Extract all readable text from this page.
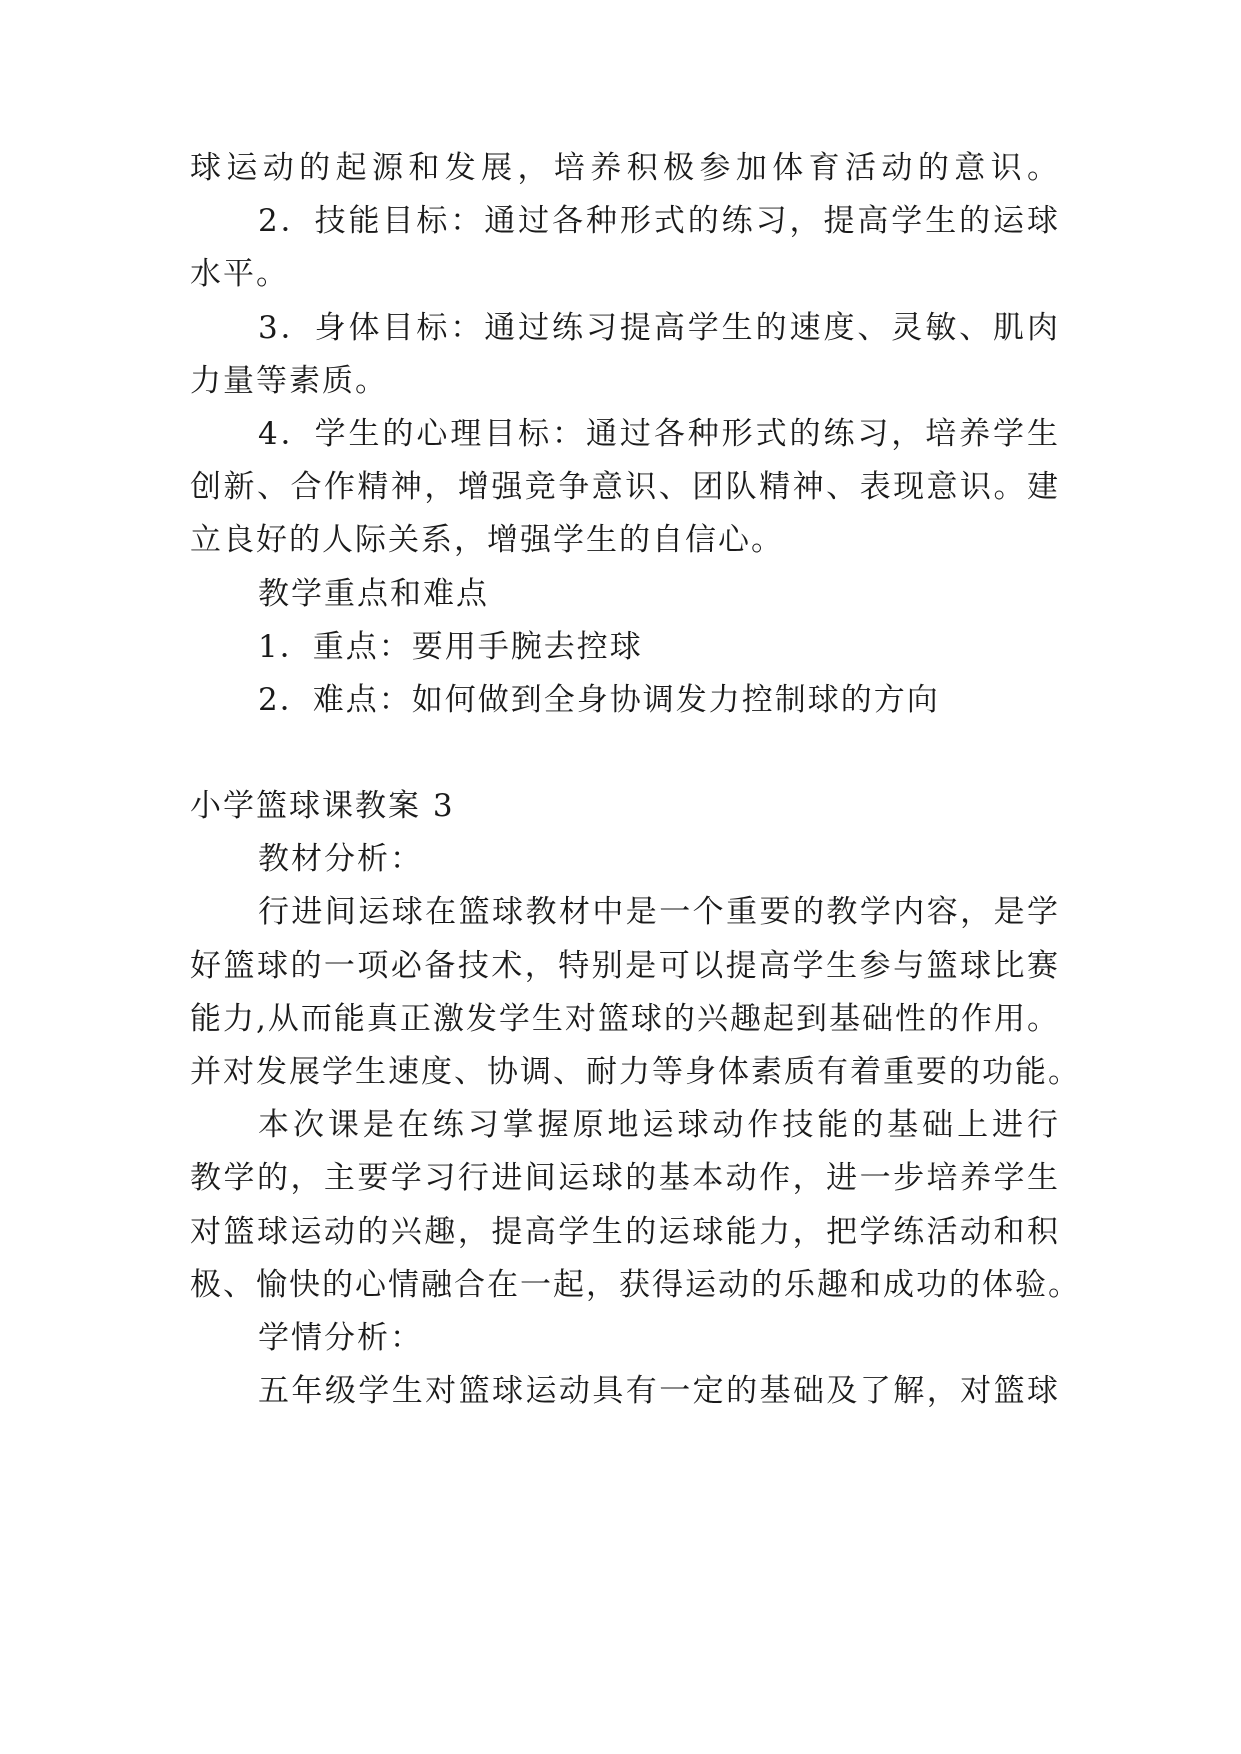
球运动的起源和发展，培养积极参加体育活动的意识。
2．技能目标：通过各种形式的练习，提高学生的运球
水平。
3．身体目标：通过练习提高学生的速度、灵敏、肌肉
力量等素质。
4．学生的心理目标：通过各种形式的练习，培养学生
创新、合作精神，增强竞争意识、团队精神、表现意识。建
立良好的人际关系，增强学生的自信心。
教学重点和难点
1．重点：要用手腕去控球
2．难点：如何做到全身协调发力控制球的方向
小学篮球课教案 3
教材分析：
行进间运球在篮球教材中是一个重要的教学内容，是学
好篮球的一项必备技术，特别是可以提高学生参与篮球比赛
能力,从而能真正激发学生对篮球的兴趣起到基础性的作用。
并对发展学生速度、协调、耐力等身体素质有着重要的功能。
本次课是在练习掌握原地运球动作技能的基础上进行
教学的，主要学习行进间运球的基本动作，进一步培养学生
对篮球运动的兴趣，提高学生的运球能力，把学练活动和积
极、愉快的心情融合在一起，获得运动的乐趣和成功的体验。
学情分析：
五年级学生对篮球运动具有一定的基础及了解，对篮球
